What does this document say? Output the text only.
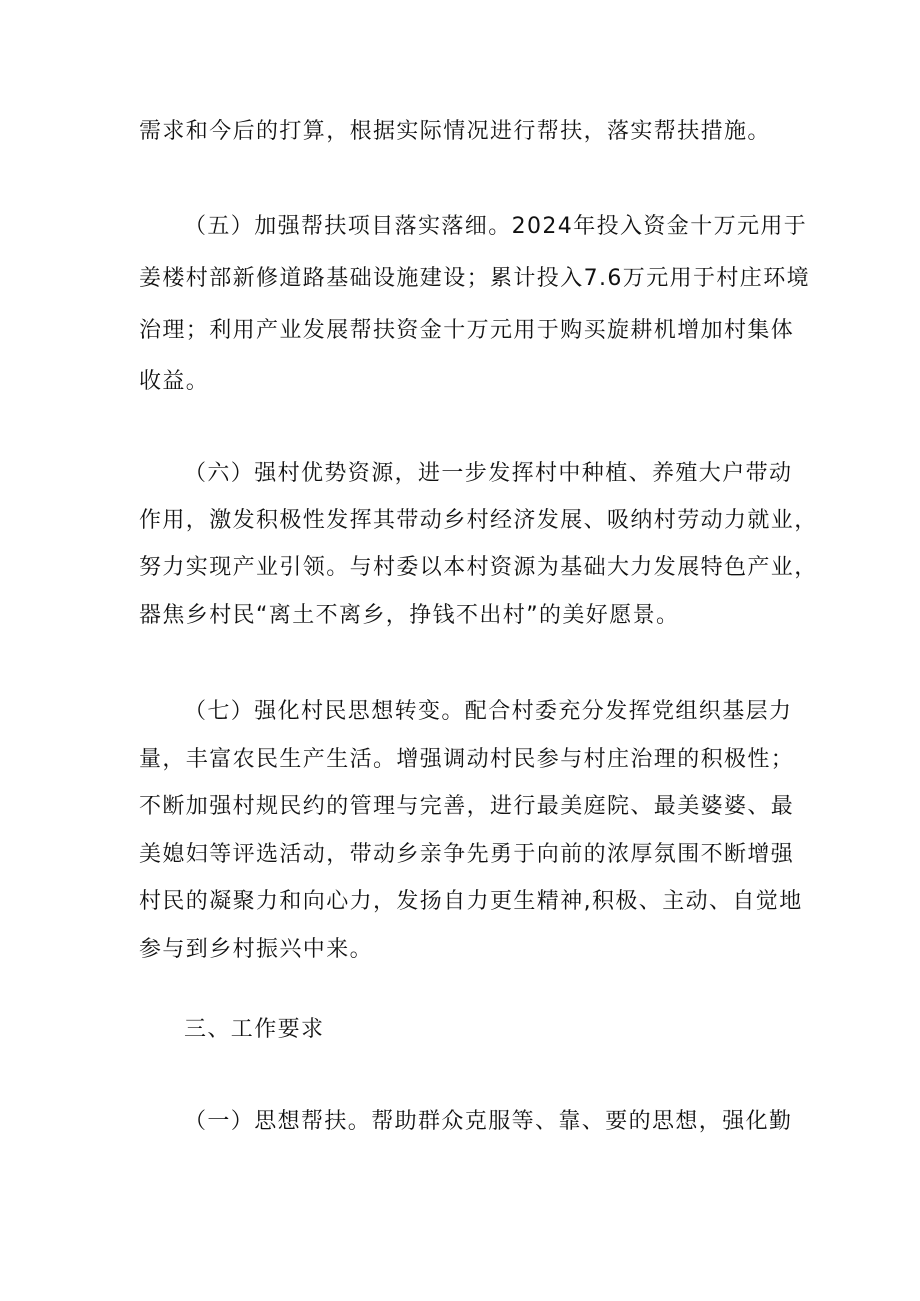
需求和今后的打算，根据实际情况进行帮扶，落实帮扶措施。
（五）加强帮扶项目落实落细。2024年投入资金十万元用于
姜楼村部新修道路基础设施建设；累计投入7.6万元用于村庄环境
治理；利用产业发展帮扶资金十万元用于购买旋耕机增加村集体
收益。
（六）强村优势资源，进一步发挥村中种植、养殖大户带动
作用，激发积极性发挥其带动乡村经济发展、吸纳村劳动力就业，
努力实现产业引领。与村委以本村资源为基础大力发展特色产业，
器焦乡村民“离土不离乡，挣钱不出村”的美好愿景。
（七）强化村民思想转变。配合村委充分发挥党组织基层力
量，丰富农民生产生活。增强调动村民参与村庄治理的积极性；
不断加强村规民约的管理与完善，进行最美庭院、最美婆婆、最
美媳妇等评选活动，带动乡亲争先勇于向前的浓厚氛围不断增强
村民的凝聚力和向心力，发扬自力更生精神,积极、主动、自觉地
参与到乡村振兴中来。
三、工作要求
（一）思想帮扶。帮助群众克服等、靠、要的思想，强化勤
